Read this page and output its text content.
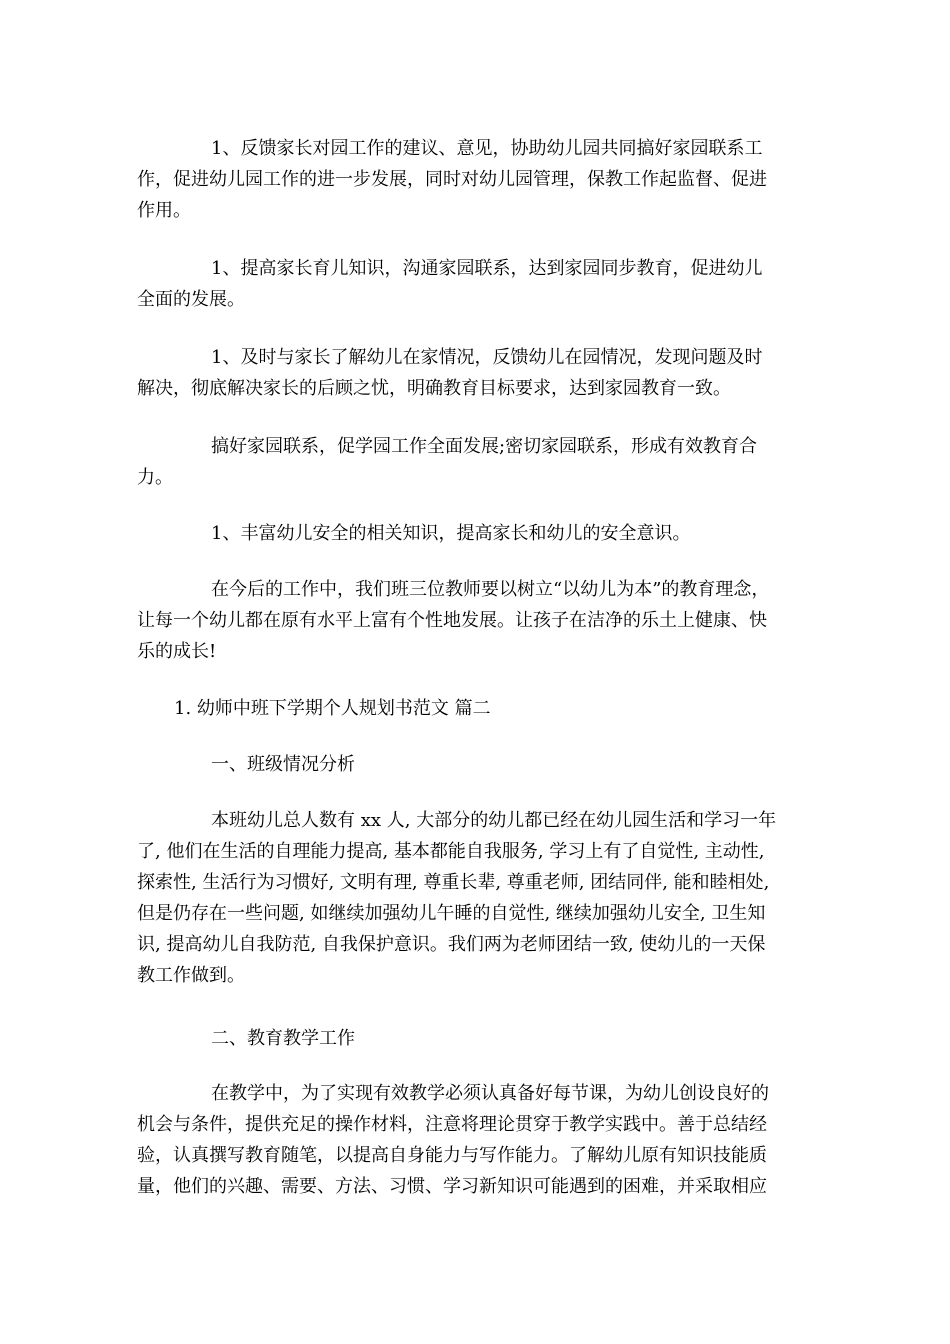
1、反馈家长对园工作的建议、意见，协助幼儿园共同搞好家园联系工
作，促进幼儿园工作的进一步发展，同时对幼儿园管理，保教工作起监督、促进
作用。
1、提高家长育儿知识，沟通家园联系，达到家园同步教育，促进幼儿
全面的发展。
1、及时与家长了解幼儿在家情况，反馈幼儿在园情况，发现问题及时
解决，彻底解决家长的后顾之忧，明确教育目标要求，达到家园教育一致。
搞好家园联系，促学园工作全面发展;密切家园联系，形成有效教育合
力。
1、丰富幼儿安全的相关知识，提高家长和幼儿的安全意识。
在今后的工作中，我们班三位教师要以树立“以幼儿为本”的教育理念，
让每一个幼儿都在原有水平上富有个性地发展。让孩子在洁净的乐土上健康、快
乐的成长!
1. 幼师中班下学期个人规划书范文 篇二
一、班级情况分析
本班幼儿总人数有 xx 人, 大部分的幼儿都已经在幼儿园生活和学习一年
了, 他们在生活的自理能力提高, 基本都能自我服务, 学习上有了自觉性, 主动性,
探索性, 生活行为习惯好, 文明有理, 尊重长辈, 尊重老师, 团结同伴, 能和睦相处,
但是仍存在一些问题, 如继续加强幼儿午睡的自觉性, 继续加强幼儿安全, 卫生知
识, 提高幼儿自我防范, 自我保护意识。我们两为老师团结一致, 使幼儿的一天保
教工作做到。
二、教育教学工作
在教学中，为了实现有效教学必须认真备好每节课，为幼儿创设良好的
机会与条件，提供充足的操作材料，注意将理论贯穿于教学实践中。善于总结经
验，认真撰写教育随笔，以提高自身能力与写作能力。了解幼儿原有知识技能质
量，他们的兴趣、需要、方法、习惯、学习新知识可能遇到的困难，并采取相应
